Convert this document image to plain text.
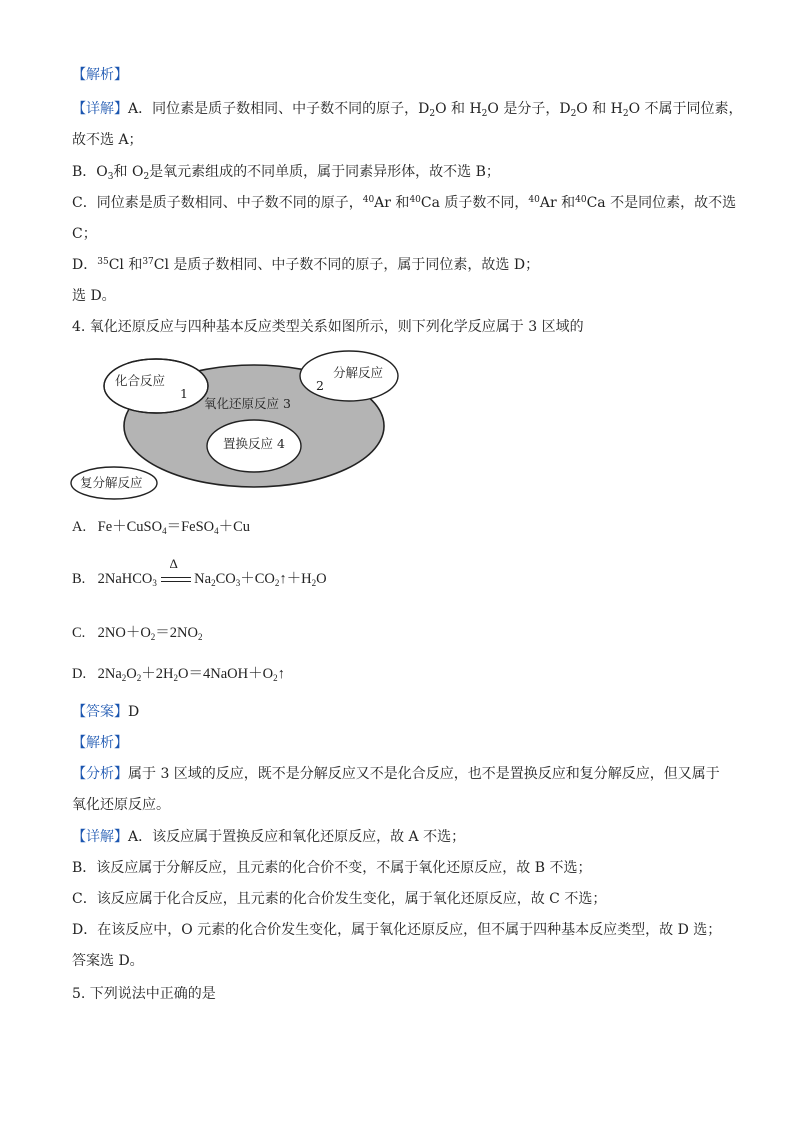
【解析】
【详解】A．同位素是质子数相同、中子数不同的原子，$D_2O$ 和 $H_2O$ 是分子，$D_2O$ 和 $H_2O$ 不属于同位素，
故不选 A；
B．$O_3$和 $O_2$是氧元素组成的不同单质，属于同素异形体，故不选 B；
C．同位素是质子数相同、中子数不同的原子，$^{40}$Ar 和$^{40}$Ca 质子数不同，$^{40}$Ar 和$^{40}$Ca 不是同位素，故不选
C；
D．$^{35}$Cl 和$^{37}$Cl 是质子数相同、中子数不同的原子，属于同位素，故选 D；
选 D。
4. 氧化还原反应与四种基本反应类型关系如图所示，则下列化学反应属于 3 区域的
化合反应
1
分解反应
2
氧化还原反应 3
置换反应 4
复分解反应
A. Fe＋CuSO$_4$＝FeSO$_4$＋Cu
B. 2NaHCO$_3$
Δ
$Na_2CO_3+CO_2↑+H_2O$
C. $2NO+O_2=2NO_2$
D. $2Na_2O_2+2H_2O=4NaOH+O_2↑$
【答案】D
【解析】
【分析】属于 3 区域的反应，既不是分解反应又不是化合反应，也不是置换反应和复分解反应，但又属于
氧化还原反应。
【详解】A．该反应属于置换反应和氧化还原反应，故 A 不选；
B．该反应属于分解反应，且元素的化合价不变，不属于氧化还原反应，故 B 不选；
C．该反应属于化合反应，且元素的化合价发生变化，属于氧化还原反应，故 C 不选；
D．在该反应中，O 元素的化合价发生变化，属于氧化还原反应，但不属于四种基本反应类型，故 D 选；
答案选 D。
5. 下列说法中正确的是
